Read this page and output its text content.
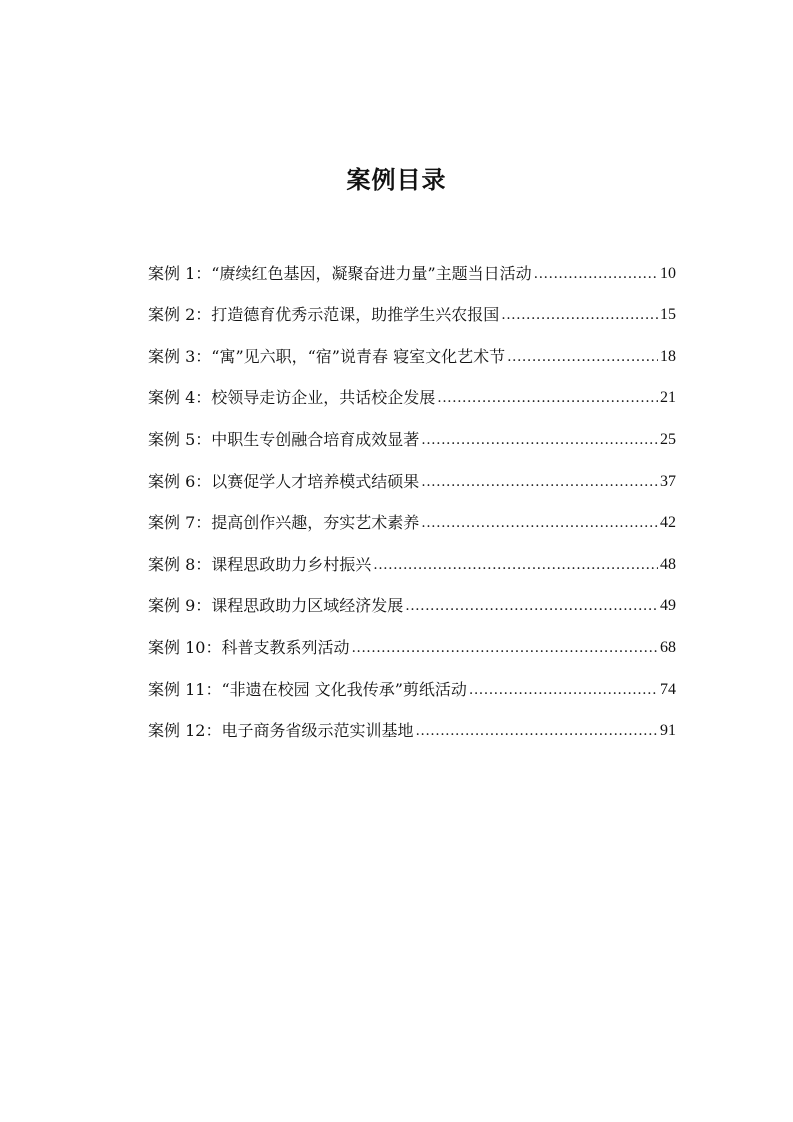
案例目录
案例 1：“赓续红色基因，凝聚奋进力量”主题当日活动 .....	10
案例 2：打造德育优秀示范课，助推学生兴农报国 .....	15
案例 3：“寓”见六职，“宿”说青春 寝室文化艺术节 .....	18
案例 4：校领导走访企业，共话校企发展 .....	21
案例 5：中职生专创融合培育成效显著 .....	25
案例 6：以赛促学人才培养模式结硕果 .....	37
案例 7：提高创作兴趣，夯实艺术素养 .....	42
案例 8：课程思政助力乡村振兴 .....	48
案例 9：课程思政助力区域经济发展 .....	49
案例 10：科普支教系列活动 .....	68
案例 11：“非遗在校园 文化我传承”剪纸活动 .....	74
案例 12：电子商务省级示范实训基地 .....	91
